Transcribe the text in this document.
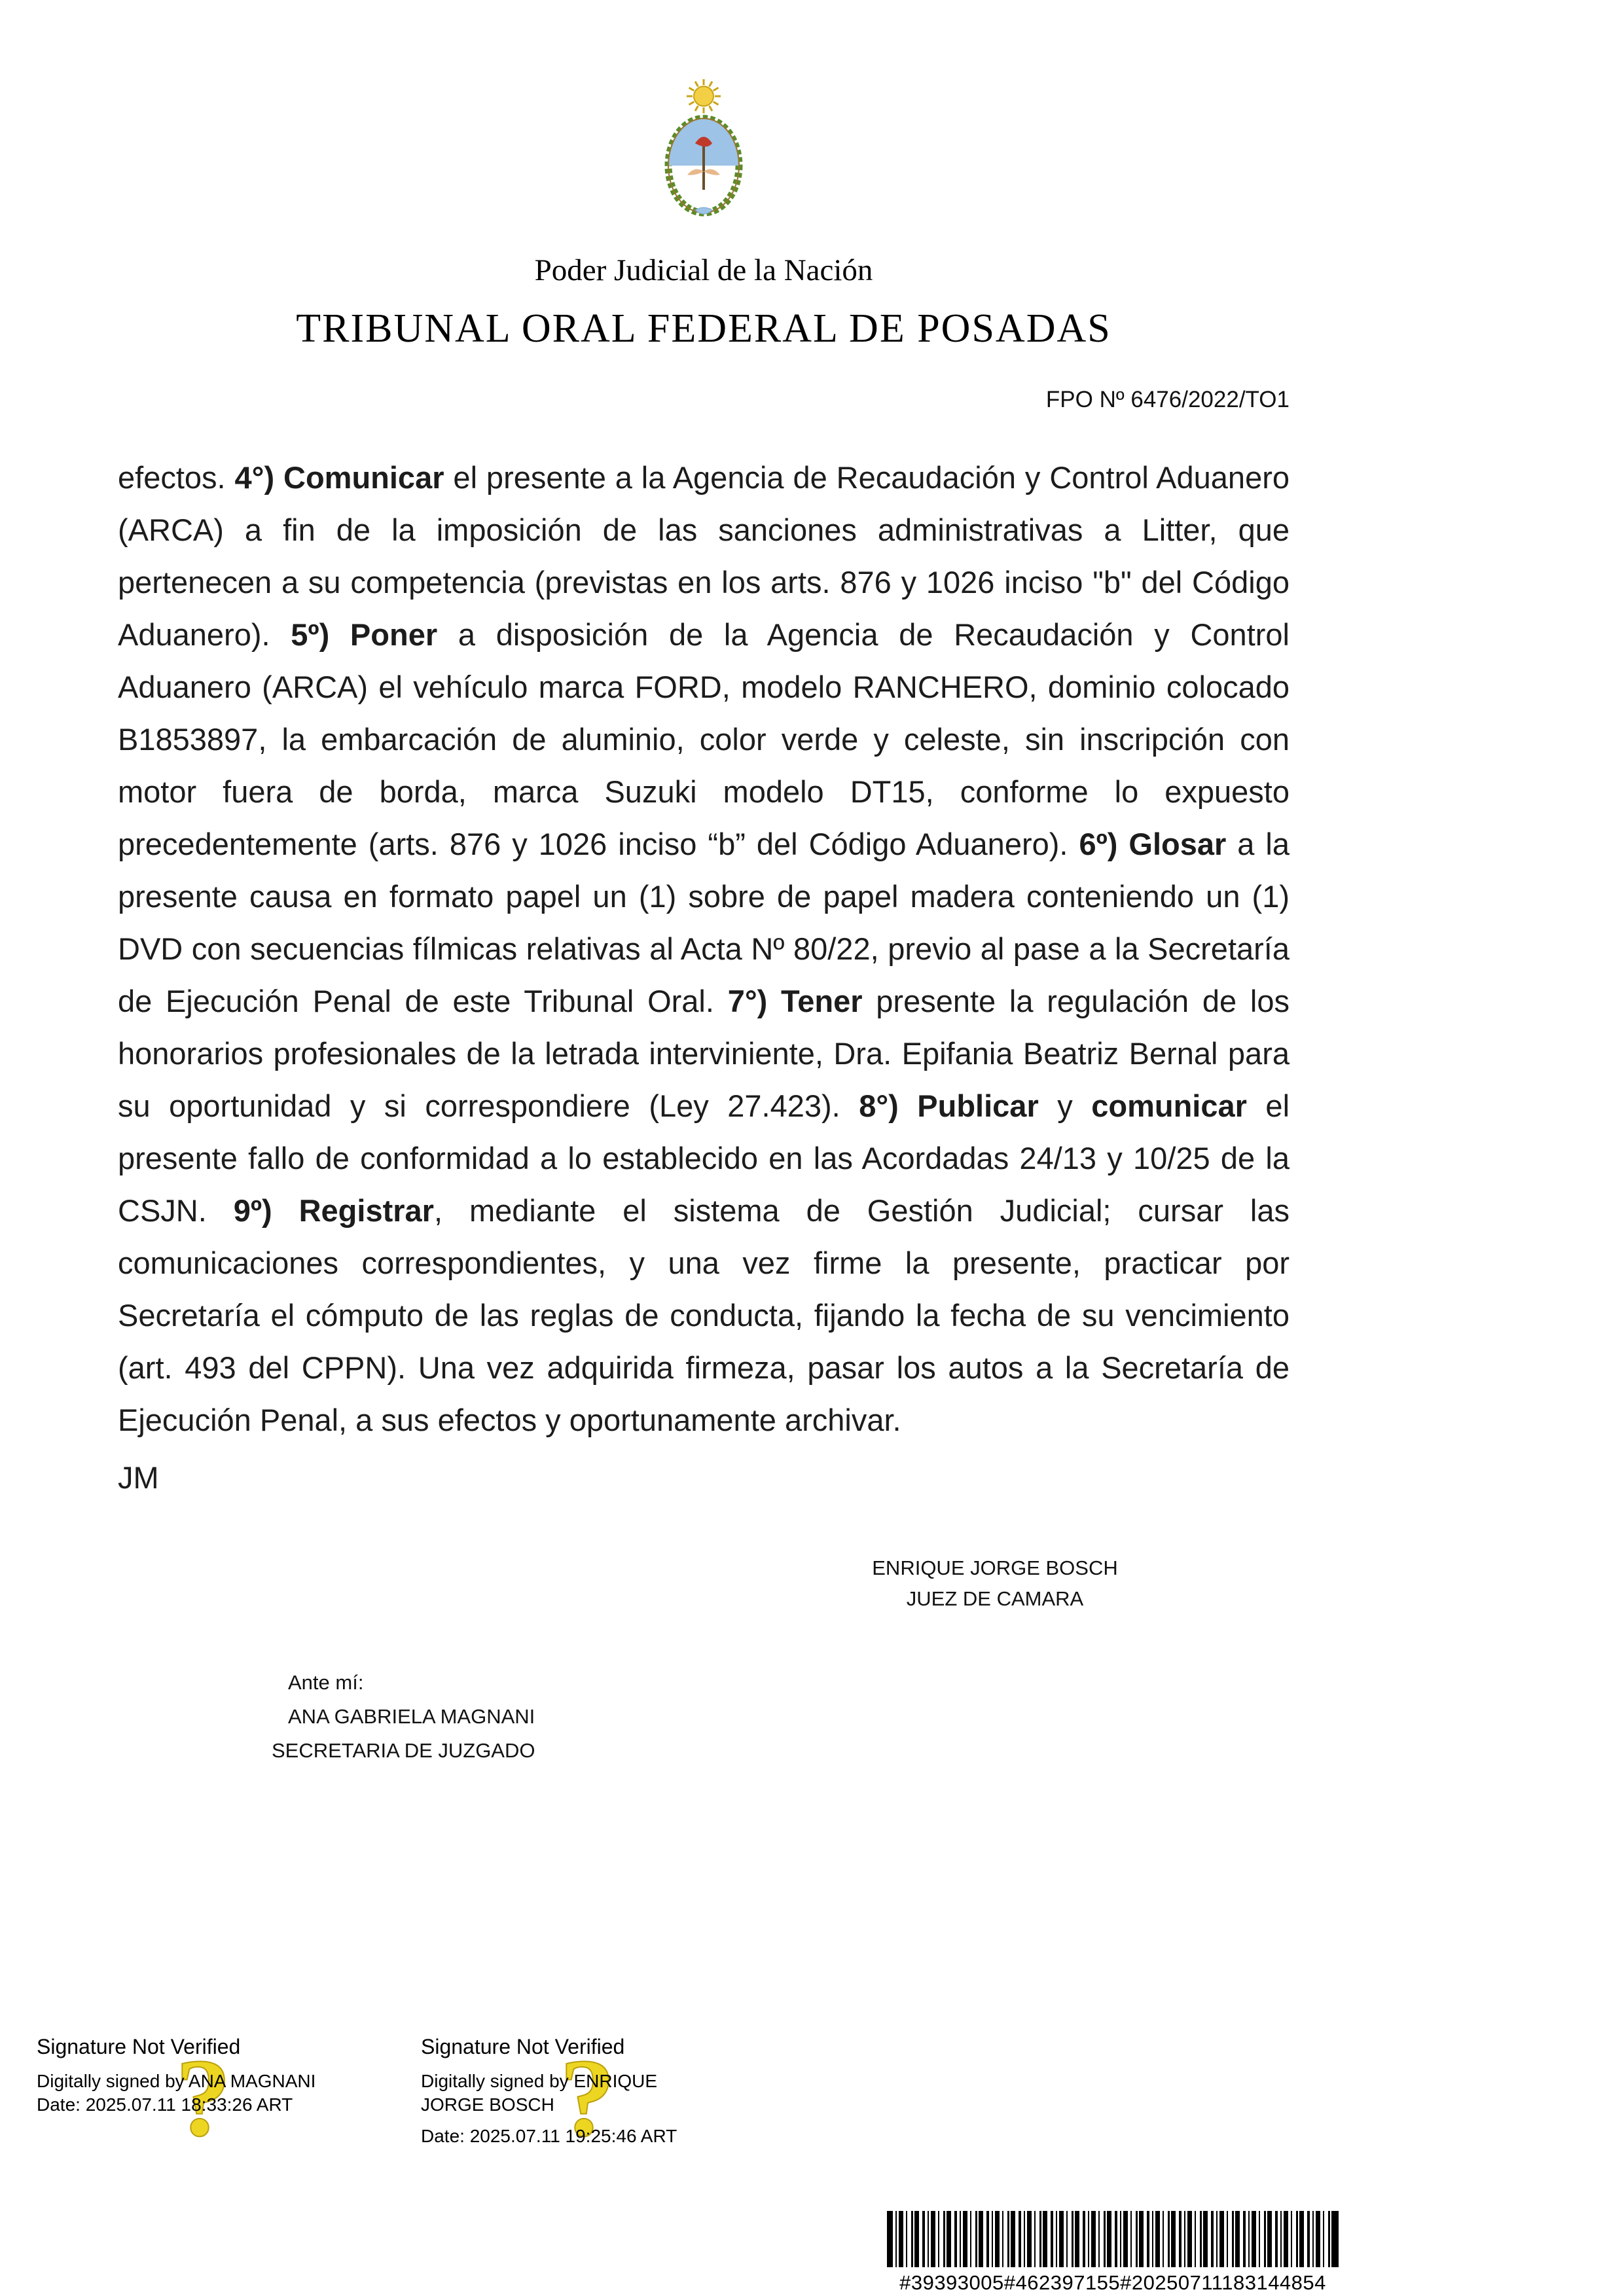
Poder Judicial de la Nación
TRIBUNAL ORAL FEDERAL DE POSADAS
FPO Nº 6476/2022/TO1

efectos. 4°) Comunicar el presente a la Agencia de Recaudación y Control Aduanero (ARCA) a fin de la imposición de las sanciones administrativas a Litter, que pertenecen a su competencia (previstas en los arts. 876 y 1026 inciso "b" del Código Aduanero). 5º) Poner a disposición de la Agencia de Recaudación y Control Aduanero (ARCA) el vehículo marca FORD, modelo RANCHERO, dominio colocado B1853897, la embarcación de aluminio, color verde y celeste, sin inscripción con motor fuera de borda, marca Suzuki modelo DT15, conforme lo expuesto precedentemente (arts. 876 y 1026 inciso “b” del Código Aduanero). 6º) Glosar a la presente causa en formato papel un (1) sobre de papel madera conteniendo un (1) DVD con secuencias fílmicas relativas al Acta Nº 80/22, previo al pase a la Secretaría de Ejecución Penal de este Tribunal Oral. 7°) Tener presente la regulación de los honorarios profesionales de la letrada interviniente, Dra. Epifania Beatriz Bernal para su oportunidad y si correspondiere (Ley 27.423). 8°) Publicar y comunicar el presente fallo de conformidad a lo establecido en las Acordadas 24/13 y 10/25 de la CSJN. 9º) Registrar, mediante el sistema de Gestión Judicial; cursar las comunicaciones correspondientes, y una vez firme la presente, practicar por Secretaría el cómputo de las reglas de conducta, fijando la fecha de su vencimiento (art. 493 del CPPN). Una vez adquirida firmeza, pasar los autos a la Secretaría de Ejecución Penal, a sus efectos y oportunamente archivar.

JM

ENRIQUE JORGE BOSCH
JUEZ DE CAMARA
Ante mí:
ANA GABRIELA MAGNANI
SECRETARIA DE JUZGADO
?
Signature Not Verified
Digitally signed by ANA MAGNANI
Date: 2025.07.11 18:33:26 ART	?
Signature Not Verified
Digitally signed by ENRIQUE JORGE BOSCH
Date: 2025.07.11 19:25:46 ART
#39393005#462397155#20250711183144854
